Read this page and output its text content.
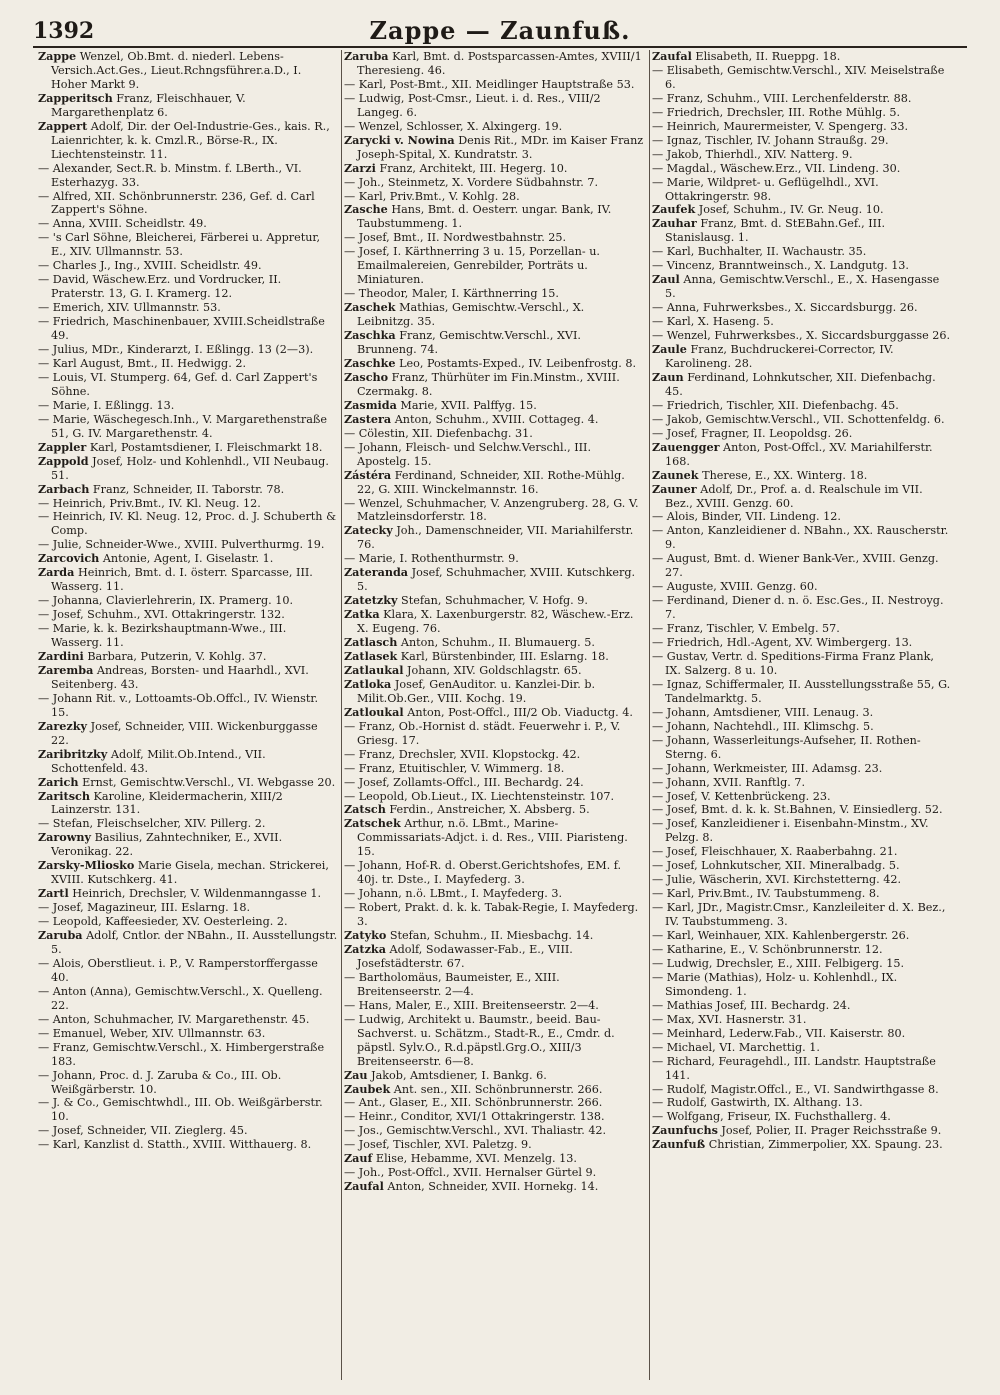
1392	Zappe — Zaunfuß.

Zappe Wenzel, Ob.Bmt. d. niederl. Lebens-Versich.Act.Ges., Lieut.Rchngsführer.a.D., I. Hoher Markt 9.

Zapperitsch Franz, Fleischhauer, V. Margarethenplatz 6.

Zappert Adolf, Dir. der Oel-Industrie-Ges., kais. R., Laienrichter, k. k. Cmzl.R., Börse-R., IX. Liechtensteinstr. 11.

— Alexander, Sect.R. b. Minstm. f. LBerth., VI. Esterhazyg. 33.

— Alfred, XII. Schönbrunnerstr. 236, Gef. d. Carl Zappert's Söhne.

— Anna, XVIII. Scheidlstr. 49.

— 's Carl Söhne, Bleicherei, Färberei u. Appretur, E., XIV. Ullmannstr. 53.

— Charles J., Ing., XVIII. Scheidlstr. 49.

— David, Wäschew.Erz. und Vordrucker, II. Praterstr. 13, G. I. Kramerg. 12.

— Emerich, XIV. Ullmannstr. 53.

— Friedrich, Maschinenbauer, XVIII.Scheidlstraße 49.

— Julius, MDr., Kinderarzt, I. Eßlingg. 13 (2—3).

— Karl August, Bmt., II. Hedwigg. 2.

— Louis, VI. Stumperg. 64, Gef. d. Carl Zappert's Söhne.

— Marie, I. Eßlingg. 13.

— Marie, Wäschegesch.Inh., V. Margarethenstraße 51, G. IV. Margarethenstr. 4.

Zappler Karl, Postamtsdiener, I. Fleischmarkt 18.

Zappold Josef, Holz- und Kohlenhdl., VII Neubaug. 51.

Zarbach Franz, Schneider, II. Taborstr. 78.

— Heinrich, Priv.Bmt., IV. Kl. Neug. 12.

— Heinrich, IV. Kl. Neug. 12, Proc. d. J. Schuberth & Comp.

— Julie, Schneider-Wwe., XVIII. Pulverthurmg. 19.

Zarcovich Antonie, Agent, I. Giselastr. 1.

Zarda Heinrich, Bmt. d. I. österr. Sparcasse, III. Wasserg. 11.

— Johanna, Clavierlehrerin, IX. Pramerg. 10.

— Josef, Schuhm., XVI. Ottakringerstr. 132.

— Marie, k. k. Bezirkshauptmann-Wwe., III. Wasserg. 11.

Zardini Barbara, Putzerin, V. Kohlg. 37.

Zaremba Andreas, Borsten- und Haarhdl., XVI. Seitenberg. 43.

— Johann Rit. v., Lottoamts-Ob.Offcl., IV. Wienstr. 15.

Zarezky Josef, Schneider, VIII. Wickenburggasse 22.

Zaribritzky Adolf, Milit.Ob.Intend., VII. Schottenfeld. 43.

Zarich Ernst, Gemischtw.Verschl., VI. Webgasse 20.

Zaritsch Karoline, Kleidermacherin, XIII/2 Lainzerstr. 131.

— Stefan, Fleischselcher, XIV. Pillerg. 2.

Zarowny Basilius, Zahntechniker, E., XVII. Veronikag. 22.

Zarsky-Mliosko Marie Gisela, mechan. Strickerei, XVIII. Kutschkerg. 41.

Zartl Heinrich, Drechsler, V. Wildenmanngasse 1.

— Josef, Magazineur, III. Eslarng. 18.

— Leopold, Kaffeesieder, XV. Oesterleing. 2.

Zaruba Adolf, Cntlor. der NBahn., II. Ausstellungstr. 5.

— Alois, Oberstlieut. i. P., V. Ramperstorffergasse 40.

— Anton (Anna), Gemischtw.Verschl., X. Quelleng. 22.

— Anton, Schuhmacher, IV. Margarethenstr. 45.

— Emanuel, Weber, XIV. Ullmannstr. 63.

— Franz, Gemischtw.Verschl., X. Himbergerstraße 183.

— Johann, Proc. d. J. Zaruba & Co., III. Ob. Weißgärberstr. 10.

— J. & Co., Gemischtwhdl., III. Ob. Weißgärberstr. 10.

— Josef, Schneider, VII. Zieglerg. 45.

— Karl, Kanzlist d. Statth., XVIII. Witthauerg. 8.

Zaruba Karl, Bmt. d. Postsparcassen-Amtes, XVIII/1 Theresieng. 46.

— Karl, Post-Bmt., XII. Meidlinger Hauptstraße 53.

— Ludwig, Post-Cmsr., Lieut. i. d. Res., VIII/2 Langeg. 6.

— Wenzel, Schlosser, X. Alxingerg. 19.

Zarycki v. Nowina Denis Rit., MDr. im Kaiser Franz Joseph-Spital, X. Kundratstr. 3.

Zarzi Franz, Architekt, III. Hegerg. 10.

— Joh., Steinmetz, X. Vordere Südbahnstr. 7.

— Karl, Priv.Bmt., V. Kohlg. 28.

Zasche Hans, Bmt. d. Oesterr. ungar. Bank, IV. Taubstummeng. 1.

— Josef, Bmt., II. Nordwestbahnstr. 25.

— Josef, I. Kärthnerring 3 u. 15, Porzellan- u. Emailmalereien, Genrebilder, Porträts u. Miniaturen.

— Theodor, Maler, I. Kärthnerring 15.

Zaschek Mathias, Gemischtw.-Verschl., X. Leibnitzg. 35.

Zaschka Franz, Gemischtw.Verschl., XVI. Brunneng. 74.

Zaschke Leo, Postamts-Exped., IV. Leibenfrostg. 8.

Zascho Franz, Thürhüter im Fin.Minstm., XVIII. Czermakg. 8.

Zasmida Marie, XVII. Palffyg. 15.

Zastera Anton, Schuhm., XVIII. Cottageg. 4.

— Cölestin, XII. Diefenbachg. 31.

— Johann, Fleisch- und Selchw.Verschl., III. Apostelg. 15.

Zástéra Ferdinand, Schneider, XII. Rothe-Mühlg. 22, G. XIII. Winckelmannstr. 16.

— Wenzel, Schuhmacher, V. Anzengruberg. 28, G. V. Matzleinsdorferstr. 18.

Zatecky Joh., Damenschneider, VII. Mariahilferstr. 76.

— Marie, I. Rothenthurmstr. 9.

Zateranda Josef, Schuhmacher, XVIII. Kutschkerg. 5.

Zatetzky Stefan, Schuhmacher, V. Hofg. 9.

Zatka Klara, X. Laxenburgerstr. 82, Wäschew.-Erz. X. Eugeng. 76.

Zatlasch Anton, Schuhm., II. Blumauerg. 5.

Zatlasek Karl, Bürstenbinder, III. Eslarng. 18.

Zatlaukal Johann, XIV. Goldschlagstr. 65.

Zatloka Josef, GenAuditor. u. Kanzlei-Dir. b. Milit.Ob.Ger., VIII. Kochg. 19.

Zatloukal Anton, Post-Offcl., III/2 Ob. Viaductg. 4.

— Franz, Ob.-Hornist d. städt. Feuerwehr i. P., V. Griesg. 17.

— Franz, Drechsler, XVII. Klopstockg. 42.

— Franz, Etuitischler, V. Wimmerg. 18.

— Josef, Zollamts-Offcl., III. Bechardg. 24.

— Leopold, Ob.Lieut., IX. Liechtensteinstr. 107.

Zatsch Ferdin., Anstreicher, X. Absberg. 5.

Zatschek Arthur, n.ö. LBmt., Marine-Commissariats-Adjct. i. d. Res., VIII. Piaristeng. 15.

— Johann, Hof-R. d. Oberst.Gerichtshofes, EM. f. 40j. tr. Dste., I. Mayfederg. 3.

— Johann, n.ö. LBmt., I. Mayfederg. 3.

— Robert, Prakt. d. k. k. Tabak-Regie, I. Mayfederg. 3.

Zatyko Stefan, Schuhm., II. Miesbachg. 14.

Zatzka Adolf, Sodawasser-Fab., E., VIII. Josefstädterstr. 67.

— Bartholomäus, Baumeister, E., XIII. Breitenseerstr. 2—4.

— Hans, Maler, E., XIII. Breitenseerstr. 2—4.

— Ludwig, Architekt u. Baumstr., beeid. Bau-Sachverst. u. Schätzm., Stadt-R., E., Cmdr. d. päpstl. Sylv.O., R.d.päpstl.Grg.O., XIII/3 Breitenseerstr. 6—8.

Zau Jakob, Amtsdiener, I. Bankg. 6.

Zaubek Ant. sen., XII. Schönbrunnerstr. 266.

— Ant., Glaser, E., XII. Schönbrunnerstr. 266.

— Heinr., Conditor, XVI/1 Ottakringerstr. 138.

— Jos., Gemischtw.Verschl., XVI. Thaliastr. 42.

— Josef, Tischler, XVI. Paletzg. 9.

Zauf Elise, Hebamme, XVI. Menzelg. 13.

— Joh., Post-Offcl., XVII. Hernalser Gürtel 9.

Zaufal Anton, Schneider, XVII. Hornekg. 14.

Zaufal Elisabeth, II. Rueppg. 18.

— Elisabeth, Gemischtw.Verschl., XIV. Meiselstraße 6.

— Franz, Schuhm., VIII. Lerchenfelderstr. 88.

— Friedrich, Drechsler, III. Rothe Mühlg. 5.

— Heinrich, Maurermeister, V. Spengerg. 33.

— Ignaz, Tischler, IV. Johann Straußg. 29.

— Jakob, Thierhdl., XIV. Natterg. 9.

— Magdal., Wäschew.Erz., VII. Lindeng. 30.

— Marie, Wildpret- u. Geflügelhdl., XVI. Ottakringerstr. 98.

Zaufek Josef, Schuhm., IV. Gr. Neug. 10.

Zauhar Franz, Bmt. d. StEBahn.Gef., III. Stanislausg. 1.

— Karl, Buchhalter, II. Wachaustr. 35.

— Vincenz, Branntweinsch., X. Landgutg. 13.

Zaul Anna, Gemischtw.Verschl., E., X. Hasengasse 5.

— Anna, Fuhrwerksbes., X. Siccardsburgg. 26.

— Karl, X. Haseng. 5.

— Wenzel, Fuhrwerksbes., X. Siccardsburggasse 26.

Zaule Franz, Buchdruckerei-Corrector, IV. Karolineng. 28.

Zaun Ferdinand, Lohnkutscher, XII. Diefenbachg. 45.

— Friedrich, Tischler, XII. Diefenbachg. 45.

— Jakob, Gemischtw.Verschl., VII. Schottenfeldg. 6.

— Josef, Fragner, II. Leopoldsg. 26.

Zauengger Anton, Post-Offcl., XV. Mariahilferstr. 168.

Zaunek Therese, E., XX. Winterg. 18.

Zauner Adolf, Dr., Prof. a. d. Realschule im VII. Bez., XVIII. Genzg. 60.

— Alois, Binder, VII. Lindeng. 12.

— Anton, Kanzleidiener d. NBahn., XX. Rauscherstr. 9.

— August, Bmt. d. Wiener Bank-Ver., XVIII. Genzg. 27.

— Auguste, XVIII. Genzg. 60.

— Ferdinand, Diener d. n. ö. Esc.Ges., II. Nestroyg. 7.

— Franz, Tischler, V. Embelg. 57.

— Friedrich, Hdl.-Agent, XV. Wimbergerg. 13.

— Gustav, Vertr. d. Speditions-Firma Franz Plank, IX. Salzerg. 8 u. 10.

— Ignaz, Schiffermaler, II. Ausstellungsstraße 55, G. Tandelmarktg. 5.

— Johann, Amtsdiener, VIII. Lenaug. 3.

— Johann, Nachtehdl., III. Klimschg. 5.

— Johann, Wasserleitungs-Aufseher, II. Rothen-Sterng. 6.

— Johann, Werkmeister, III. Adamsg. 23.

— Johann, XVII. Ranftlg. 7.

— Josef, V. Kettenbrückeng. 23.

— Josef, Bmt. d. k. k. St.Bahnen, V. Einsiedlerg. 52.

— Josef, Kanzleidiener i. Eisenbahn-Minstm., XV. Pelzg. 8.

— Josef, Fleischhauer, X. Raaberbahng. 21.

— Josef, Lohnkutscher, XII. Mineralbadg. 5.

— Julie, Wäscherin, XVI. Kirchstetterng. 42.

— Karl, Priv.Bmt., IV. Taubstummeng. 8.

— Karl, JDr., Magistr.Cmsr., Kanzleileiter d. X. Bez., IV. Taubstummeng. 3.

— Karl, Weinhauer, XIX. Kahlenbergerstr. 26.

— Katharine, E., V. Schönbrunnerstr. 12.

— Ludwig, Drechsler, E., XIII. Felbigerg. 15.

— Marie (Mathias), Holz- u. Kohlenhdl., IX. Simondeng. 1.

— Mathias Josef, III. Bechardg. 24.

— Max, XVI. Hasnerstr. 31.

— Meinhard, Lederw.Fab., VII. Kaiserstr. 80.

— Michael, VI. Marchettig. 1.

— Richard, Feuragehdl., III. Landstr. Hauptstraße 141.

— Rudolf, Magistr.Offcl., E., VI. Sandwirthgasse 8.

— Rudolf, Gastwirth, IX. Althang. 13.

— Wolfgang, Friseur, IX. Fuchsthallerg. 4.

Zaunfuchs Josef, Polier, II. Prager Reichsstraße 9.

Zaunfuß Christian, Zimmerpolier, XX. Spaung. 23.
